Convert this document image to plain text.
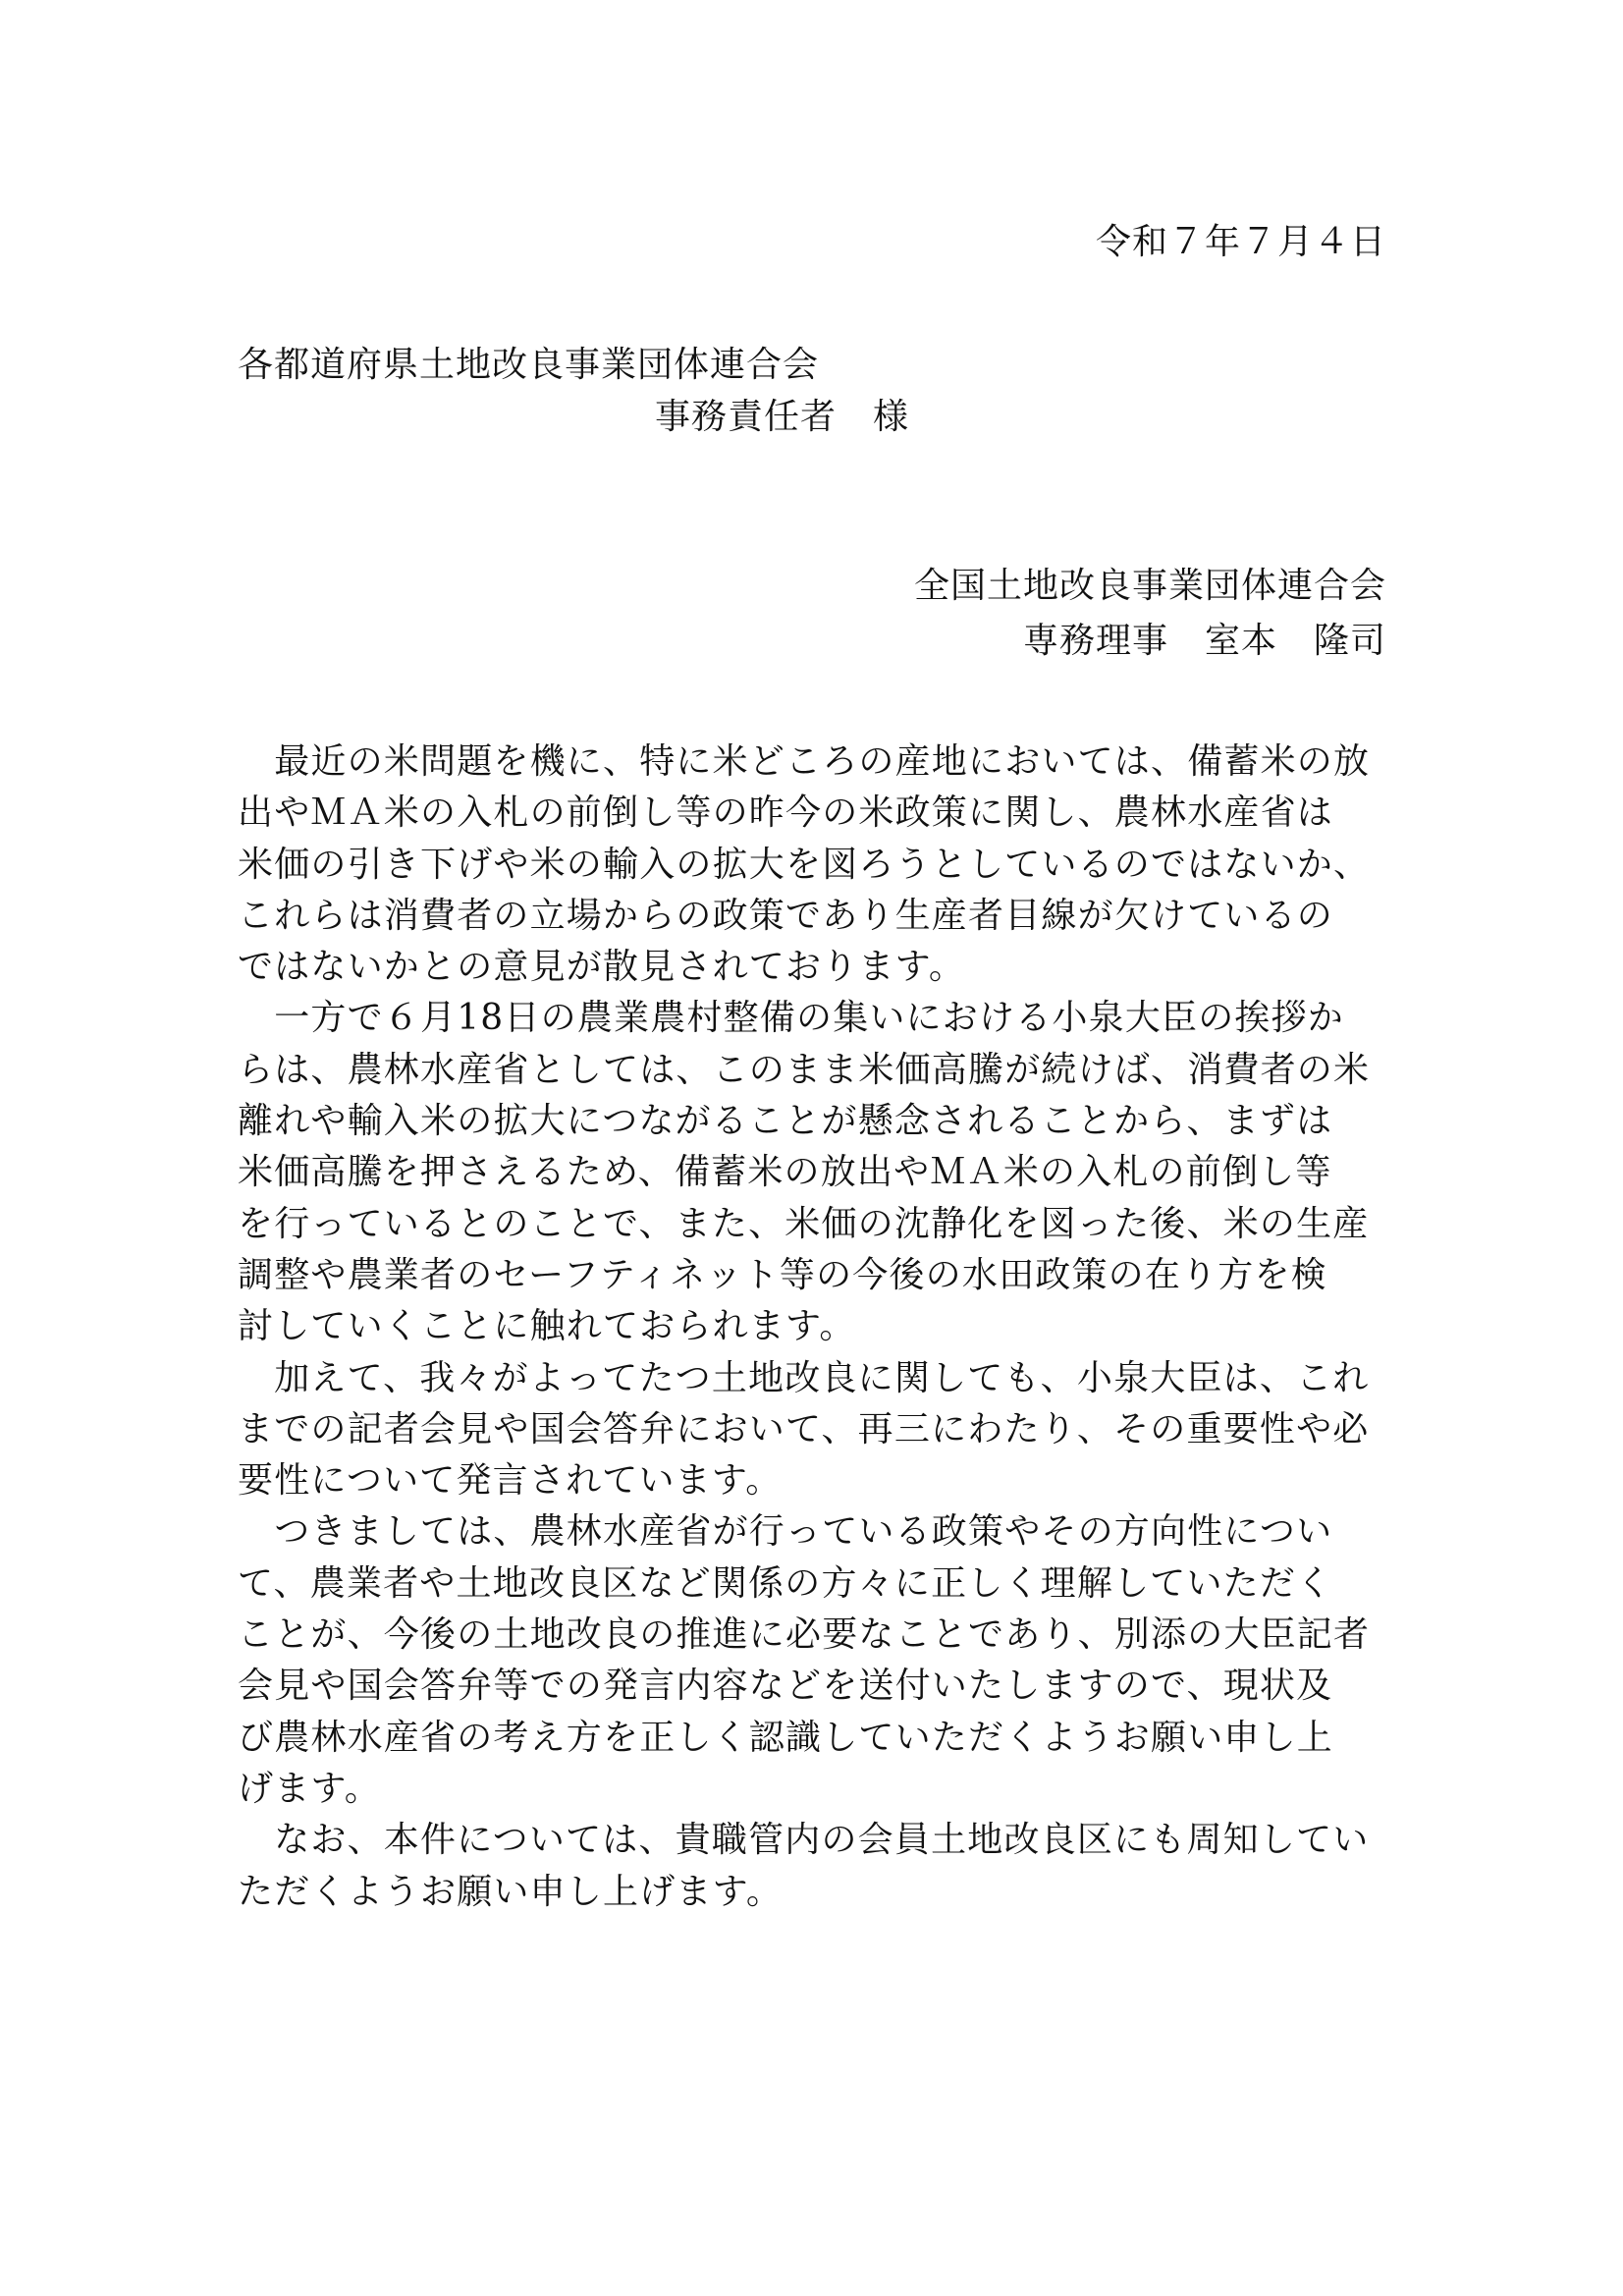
令和７年７月４日
各都道府県土地改良事業団体連合会
事務責任者　様
全国土地改良事業団体連合会
専務理事　室本　隆司
　最近の米問題を機に、特に米どころの産地においては、備蓄米の放
出やＭＡ米の入札の前倒し等の昨今の米政策に関し、農林水産省は
米価の引き下げや米の輸入の拡大を図ろうとしているのではないか、
これらは消費者の立場からの政策であり生産者目線が欠けているの
ではないかとの意見が散見されております。
　一方で６月18日の農業農村整備の集いにおける小泉大臣の挨拶か
らは、農林水産省としては、このまま米価高騰が続けば、消費者の米
離れや輸入米の拡大につながることが懸念されることから、まずは
米価高騰を押さえるため、備蓄米の放出やＭＡ米の入札の前倒し等
を行っているとのことで、また、米価の沈静化を図った後、米の生産
調整や農業者のセーフティネット等の今後の水田政策の在り方を検
討していくことに触れておられます。
　加えて、我々がよってたつ土地改良に関しても、小泉大臣は、これ
までの記者会見や国会答弁において、再三にわたり、その重要性や必
要性について発言されています。
　つきましては、農林水産省が行っている政策やその方向性につい
て、農業者や土地改良区など関係の方々に正しく理解していただく
ことが、今後の土地改良の推進に必要なことであり、別添の大臣記者
会見や国会答弁等での発言内容などを送付いたしますので、現状及
び農林水産省の考え方を正しく認識していただくようお願い申し上
げます。
　なお、本件については、貴職管内の会員土地改良区にも周知してい
ただくようお願い申し上げます。
